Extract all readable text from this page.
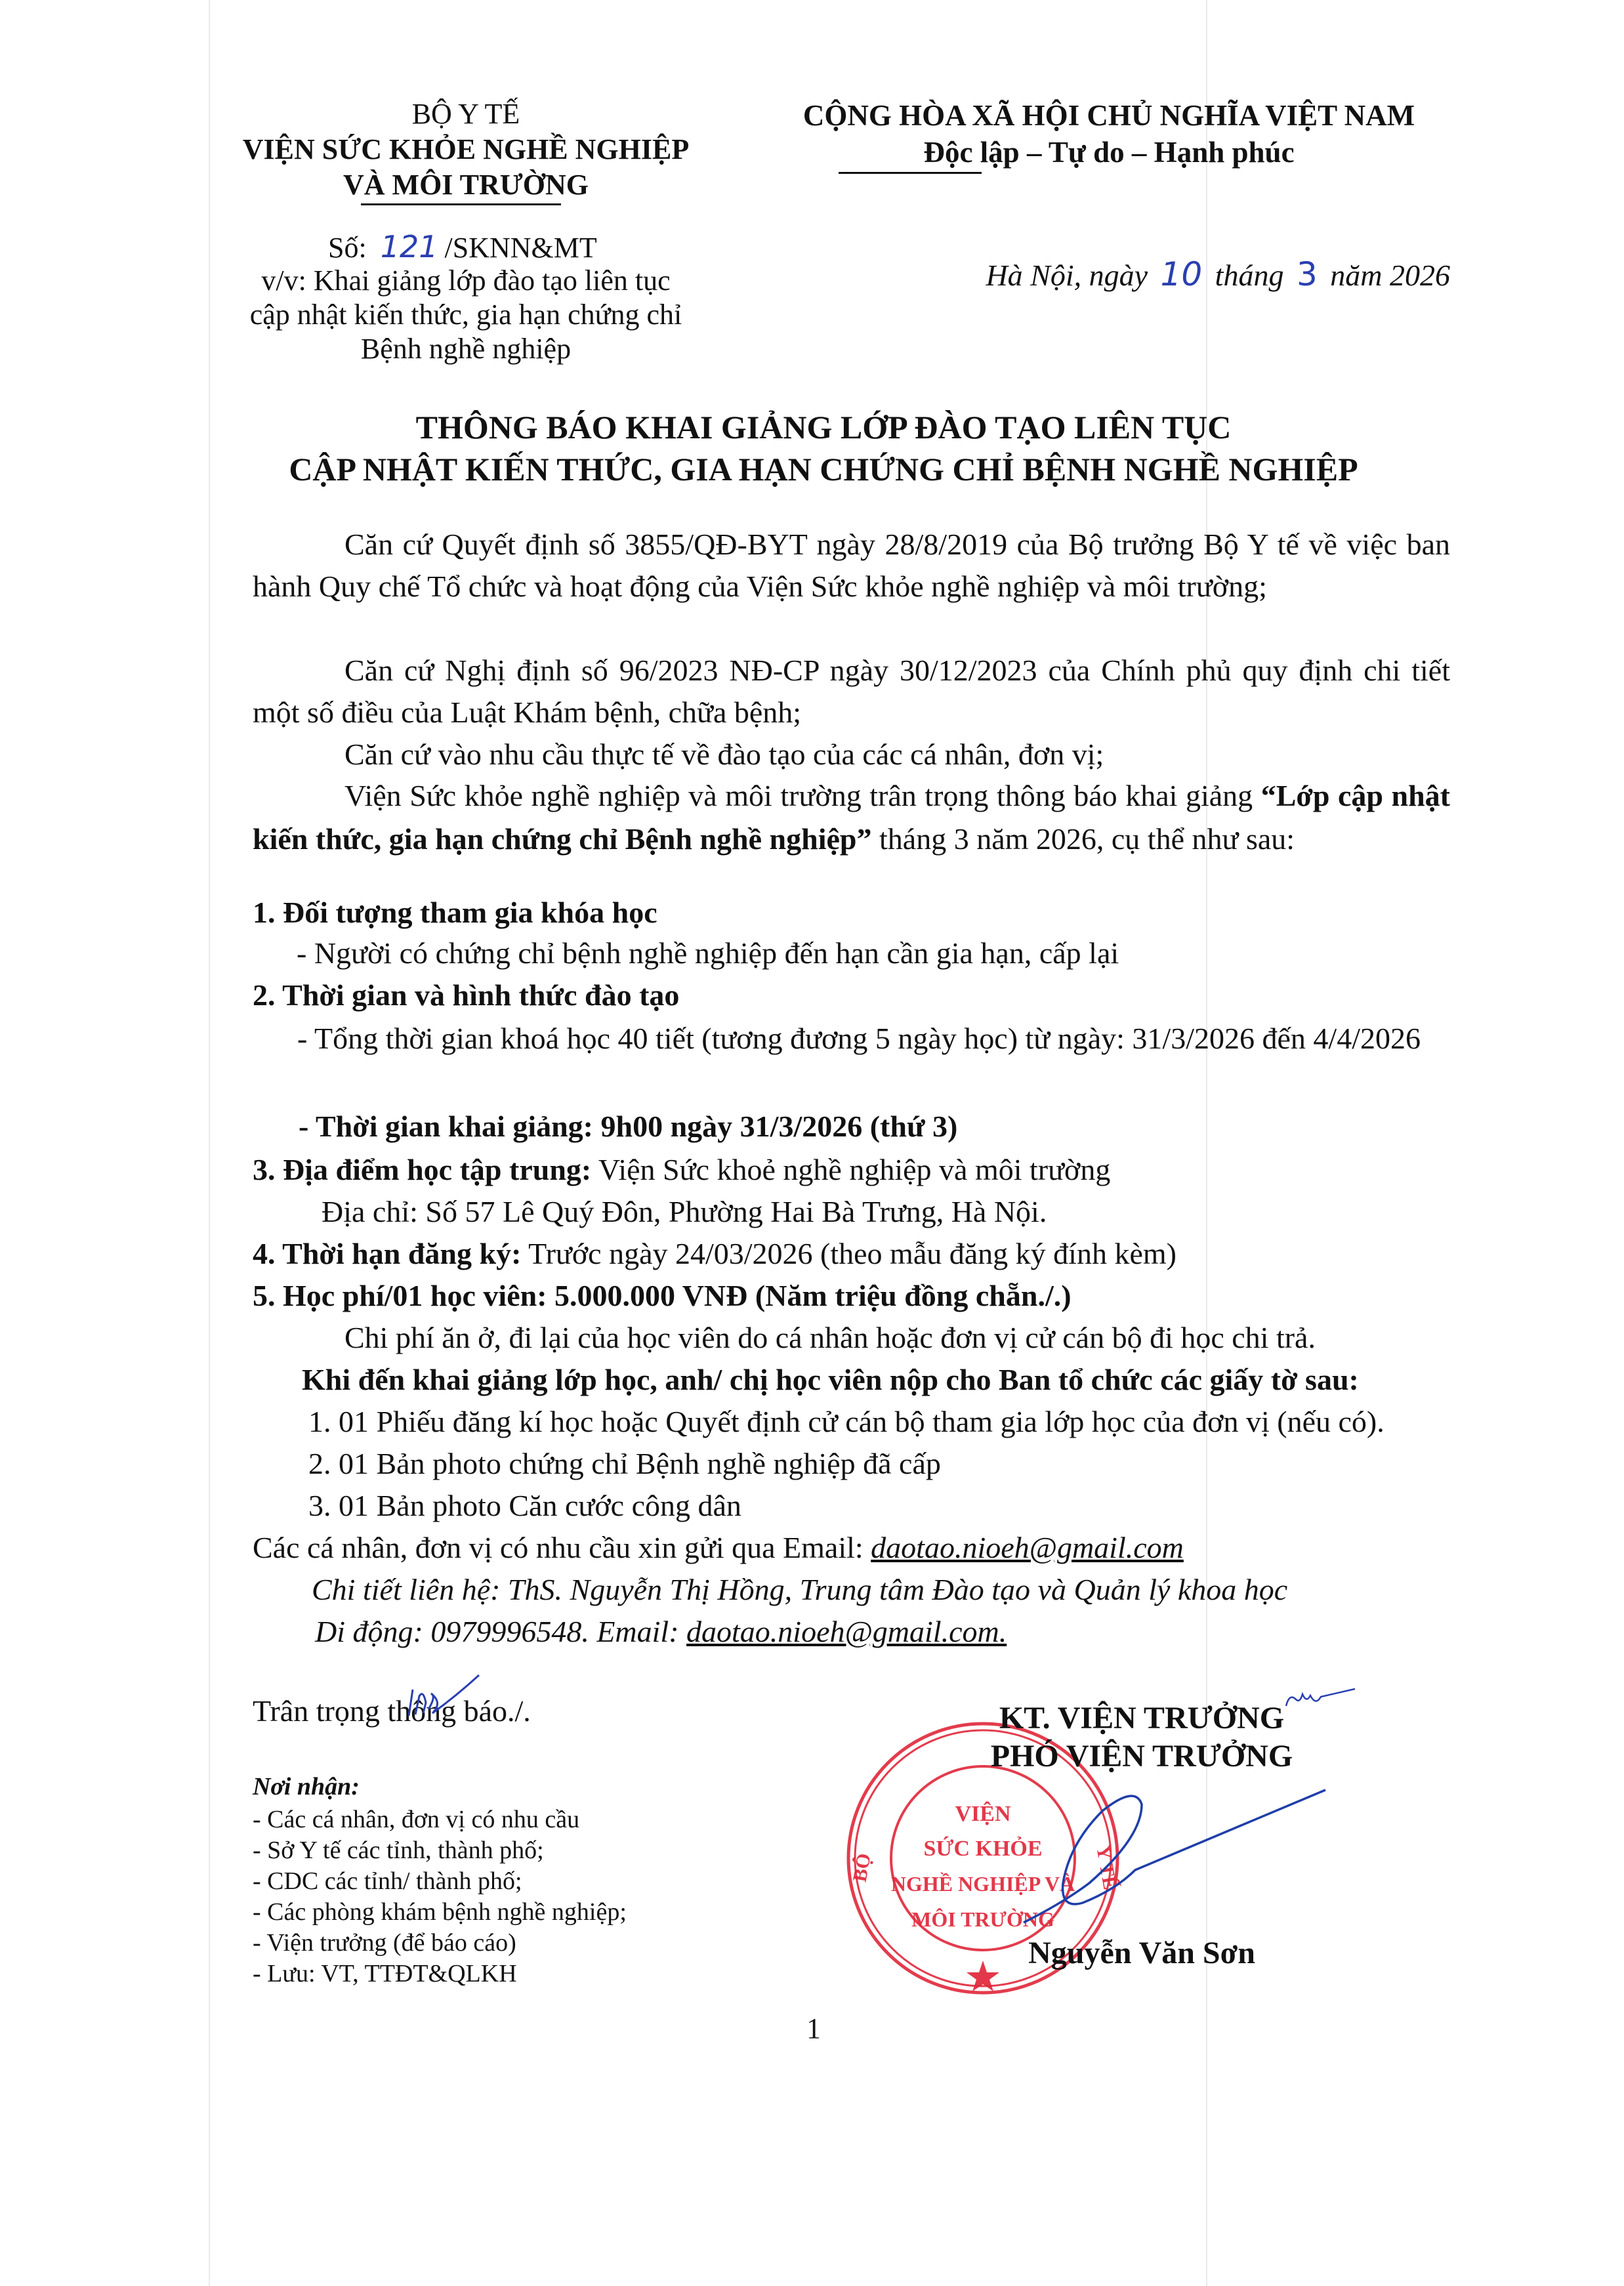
BỘ Y TẾ
VIỆN SỨC KHỎE NGHỀ NGHIỆP
VÀ MÔI TRƯỜNG
Số: 121 /SKNN&MT
v/v: Khai giảng lớp đào tạo liên tục
cập nhật kiến thức, gia hạn chứng chỉ
Bệnh nghề nghiệp
CỘNG HÒA XÃ HỘI CHỦ NGHĨA VIỆT NAM
Độc lập – Tự do – Hạnh phúc
Hà Nội, ngày 10 tháng 3 năm 2026
THÔNG BÁO KHAI GIẢNG LỚP ĐÀO TẠO LIÊN TỤC
CẬP NHẬT KIẾN THỨC, GIA HẠN CHỨNG CHỈ BỆNH NGHỀ NGHIỆP
Căn cứ Quyết định số 3855/QĐ-BYT ngày 28/8/2019 của Bộ trưởng Bộ Y tế về việc ban hành Quy chế Tổ chức và hoạt động của Viện Sức khỏe nghề nghiệp và môi trường;
Căn cứ Nghị định số 96/2023 NĐ-CP ngày 30/12/2023 của Chính phủ quy định chi tiết một số điều của Luật Khám bệnh, chữa bệnh;
Căn cứ vào nhu cầu thực tế về đào tạo của các cá nhân, đơn vị;
Viện Sức khỏe nghề nghiệp và môi trường trân trọng thông báo khai giảng “Lớp cập nhật kiến thức, gia hạn chứng chỉ Bệnh nghề nghiệp” tháng 3 năm 2026, cụ thể như sau:
1. Đối tượng tham gia khóa học
- Người có chứng chỉ bệnh nghề nghiệp đến hạn cần gia hạn, cấp lại
2. Thời gian và hình thức đào tạo
- Tổng thời gian khoá học 40 tiết (tương đương 5 ngày học) từ ngày: 31/3/2026 đến 4/4/2026
- Thời gian khai giảng: 9h00 ngày 31/3/2026 (thứ 3)
3. Địa điểm học tập trung: Viện Sức khoẻ nghề nghiệp và môi trường
Địa chỉ: Số 57 Lê Quý Đôn, Phường Hai Bà Trưng, Hà Nội.
4. Thời hạn đăng ký: Trước ngày 24/03/2026 (theo mẫu đăng ký đính kèm)
5. Học phí/01 học viên: 5.000.000 VNĐ (Năm triệu đồng chẵn./.)
Chi phí ăn ở, đi lại của học viên do cá nhân hoặc đơn vị cử cán bộ đi học chi trả.
Khi đến khai giảng lớp học, anh/ chị học viên nộp cho Ban tổ chức các giấy tờ sau:
1. 01 Phiếu đăng kí học hoặc Quyết định cử cán bộ tham gia lớp học của đơn vị (nếu có).
2. 01 Bản photo chứng chỉ Bệnh nghề nghiệp đã cấp
3. 01 Bản photo Căn cước công dân
Các cá nhân, đơn vị có nhu cầu xin gửi qua Email: daotao.nioeh@gmail.com
Chi tiết liên hệ: ThS. Nguyễn Thị Hồng, Trung tâm Đào tạo và Quản lý khoa học
Di động: 0979996548. Email: daotao.nioeh@gmail.com.
Trân trọng thông báo./.
Nơi nhận:
- Các cá nhân, đơn vị có nhu cầu
- Sở Y tế các tỉnh, thành phố;
- CDC các tỉnh/ thành phố;
- Các phòng khám bệnh nghề nghiệp;
- Viện trưởng (để báo cáo)
- Lưu: VT, TTĐT&QLKH
VIỆN
SỨC KHỎE
NGHỀ NGHIỆP VÀ
MÔI TRƯỜNG
BỘ	Y TẾ
KT. VIỆN TRƯỞNG
PHÓ VIỆN TRƯỞNG
Nguyễn Văn Sơn
1
